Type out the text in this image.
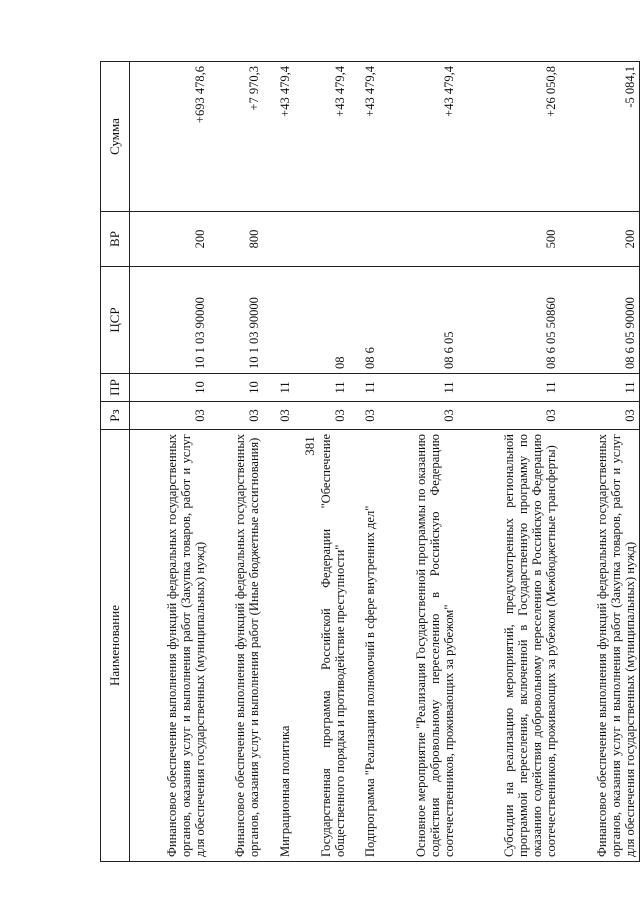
381
Наименование	Рз	ПР	ЦСР	ВР	Сумма
Финансовое обеспечение выполнения функций федеральных государственных органов, оказания услуг и выполнения работ (Закупка товаров, работ и услуг для обеспечения государственных (муниципальных) нужд)	03	10	10 1 03 90000	200	+693 478,6
Финансовое обеспечение выполнения функций федеральных государственных органов, оказания услуг и выполнения работ (Иные бюджетные ассигнования)	03	10	10 1 03 90000	800	+7 970,3
Миграционная политика	03	11			+43 479,4
Государственная программа Российской Федерации "Обеспечение общественного порядка и противодействие преступности"	03	11	08		+43 479,4
Подпрограмма "Реализация полномочий в сфере внутренних дел"	03	11	08 6		+43 479,4
Основное мероприятие "Реализация Государственной программы по оказанию содействия добровольному переселению в Российскую Федерацию соотечественников, проживающих за рубежом"	03	11	08 6 05		+43 479,4
Субсидии на реализацию мероприятий, предусмотренных региональной программой переселения, включенной в Государственную программу по оказанию содействия добровольному переселению в Российскую Федерацию соотечественников, проживающих за рубежом (Межбюджетные трансферты)	03	11	08 6 05 50860	500	+26 050,8
Финансовое обеспечение выполнения функций федеральных государственных органов, оказания услуг и выполнения работ (Закупка товаров, работ и услуг для обеспечения государственных (муниципальных) нужд)	03	11	08 6 05 90000	200	-5 084,1
